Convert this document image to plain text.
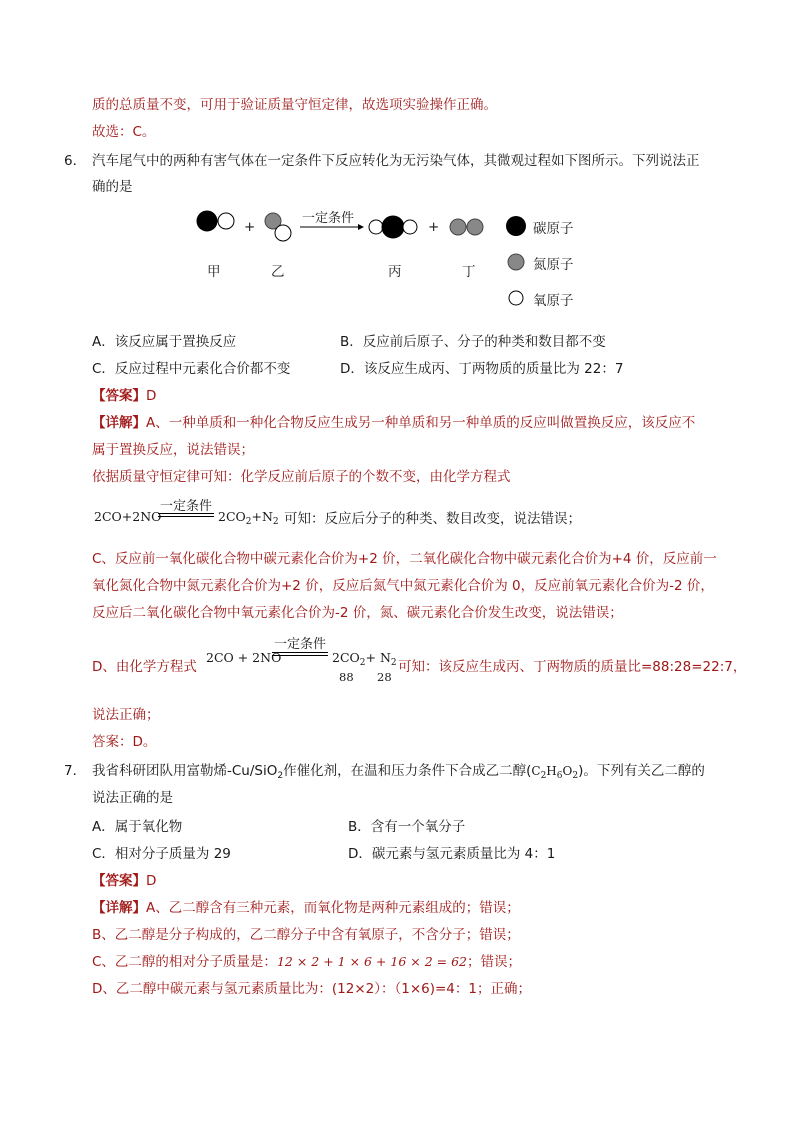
质的总质量不变，可用于验证质量守恒定律，故选项实验操作正确。
故选：C。
6． 汽车尾气中的两种有害气体在一定条件下反应转化为无污染气体，其微观过程如下图所示。下列说法正
确的是
+	+
一定条件
甲	乙	丙	丁
碳原子
氮原子
氧原子
A．该反应属于置换反应	B．反应前后原子、分子的种类和数目都不变
C．反应过程中元素化合价都不变	D．该反应生成丙、丁两物质的质量比为 22：7
【答案】D
【详解】A、一种单质和一种化合物反应生成另一种单质和另一种单质的反应叫做置换反应，该反应不
属于置换反应，说法错误；
依据质量守恒定律可知：化学反应前后原子的个数不变，由化学方程式
2CO+2NO
一定条件
$2CO_2+N_2$ 可知：反应后分子的种类、数目改变，说法错误；
C、反应前一氧化碳化合物中碳元素化合价为+2 价，二氧化碳化合物中碳元素化合价为+4 价，反应前一
氧化氮化合物中氮元素化合价为+2 价，反应后氮气中氮元素化合价为 0，反应前氧元素化合价为-2 价，
反应后二氧化碳化合物中氧元素化合价为-2 价，氮、碳元素化合价发生改变，说法错误；
D、由化学方程式
2CO + 2NO
一定条件
$2CO_2+ N_2$
88 28
可知：该反应生成丙、丁两物质的质量比=88:28=22:7，
说法正确；
答案：D。
7． 我省科研团队用富勒烯-Cu/SiO$_2$作催化剂，在温和压力条件下合成乙二醇$(C_2H_6O_2)$。下列有关乙二醇的
说法正确的是
A．属于氧化物	B．含有一个氧分子
C．相对分子质量为 29	D．碳元素与氢元素质量比为 4：1
【答案】D
【详解】A、乙二醇含有三种元素，而氧化物是两种元素组成的；错误；
B、乙二醇是分子构成的，乙二醇分子中含有氧原子，不含分子；错误；
C、乙二醇的相对分子质量是：12 × 2 + 1 × 6 + 16 × 2 = 62；错误；
D、乙二醇中碳元素与氢元素质量比为：(12×2）：（1×6)=4：1；正确；
